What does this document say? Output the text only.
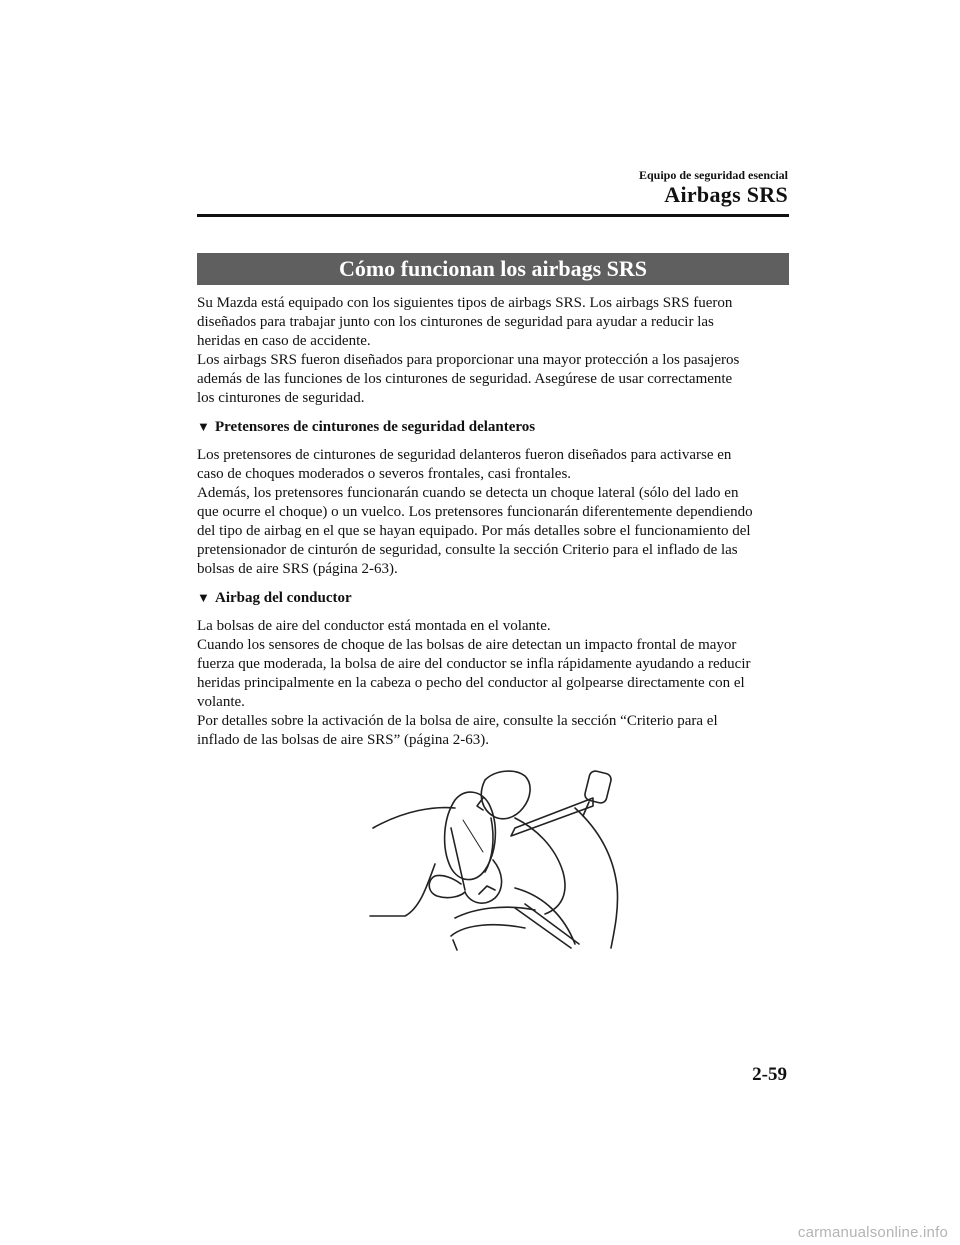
Equipo de seguridad esencial
Airbags SRS
Cómo funcionan los airbags SRS
Su Mazda está equipado con los siguientes tipos de airbags SRS. Los airbags SRS fueron
diseñados para trabajar junto con los cinturones de seguridad para ayudar a reducir las
heridas en caso de accidente.
Los airbags SRS fueron diseñados para proporcionar una mayor protección a los pasajeros
además de las funciones de los cinturones de seguridad. Asegúrese de usar correctamente
los cinturones de seguridad.
▼ Pretensores de cinturones de seguridad delanteros
Los pretensores de cinturones de seguridad delanteros fueron diseñados para activarse en
caso de choques moderados o severos frontales, casi frontales.
Además, los pretensores funcionarán cuando se detecta un choque lateral (sólo del lado en
que ocurre el choque) o un vuelco. Los pretensores funcionarán diferentemente dependiendo
del tipo de airbag en el que se hayan equipado. Por más detalles sobre el funcionamiento del
pretensionador de cinturón de seguridad, consulte la sección Criterio para el inflado de las
bolsas de aire SRS (página 2-63).
▼ Airbag del conductor
La bolsas de aire del conductor está montada en el volante.
Cuando los sensores de choque de las bolsas de aire detectan un impacto frontal de mayor
fuerza que moderada, la bolsa de aire del conductor se infla rápidamente ayudando a reducir
heridas principalmente en la cabeza o pecho del conductor al golpearse directamente con el
volante.
Por detalles sobre la activación de la bolsa de aire, consulte la sección “Criterio para el
inflado de las bolsas de aire SRS” (página 2-63).
2-59
carmanualsonline.info
